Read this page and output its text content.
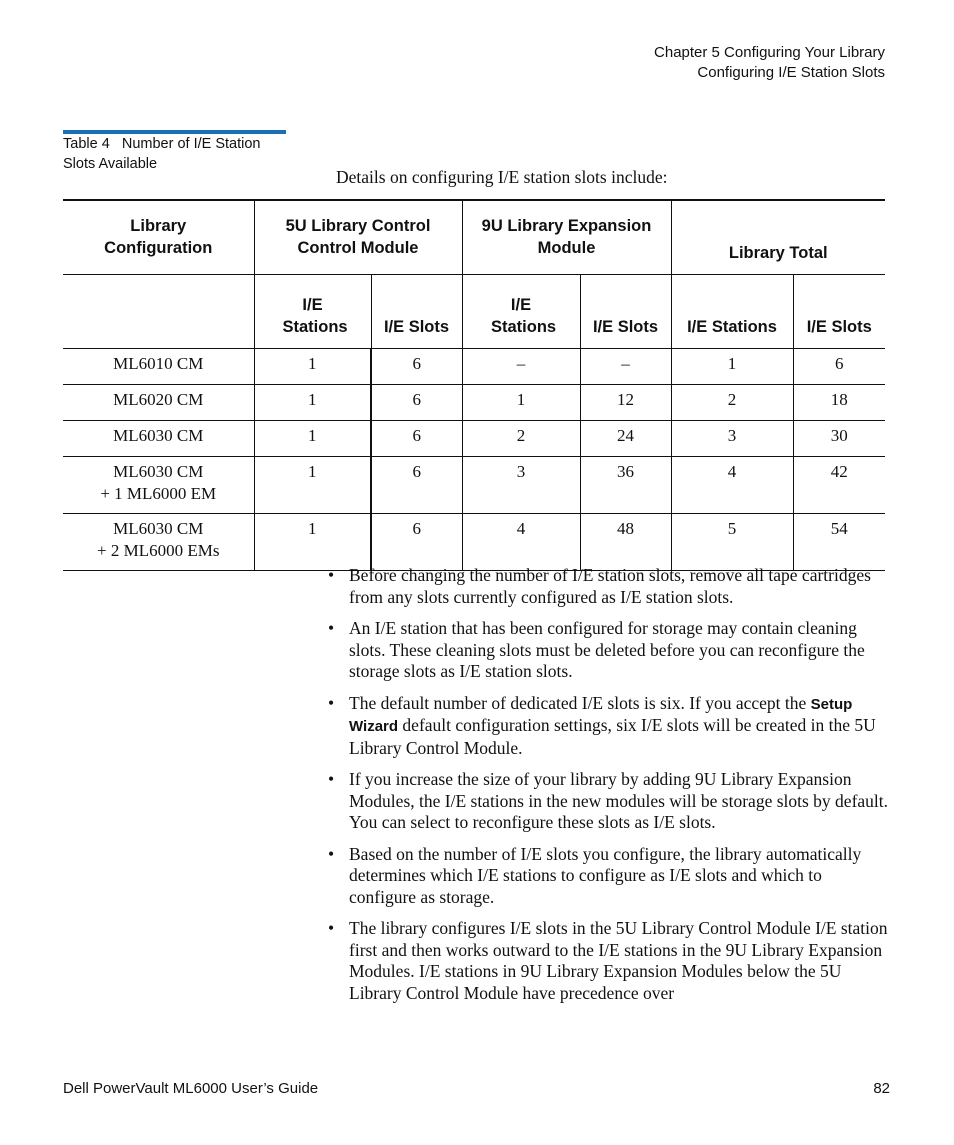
Chapter 5 Configuring Your Library
Configuring I/E Station Slots
Table 4 Number of I/E Station Slots Available
Details on configuring I/E station slots include:
Library Configuration	5U Library Control Control Module		9U Library Expansion Module		Library Total	

	I/E Stations	I/E Slots	I/E Stations	I/E Slots	I/E Stations	I/E Slots

ML6010 CM	1	6	–	–	1	6

ML6020 CM	1	6	1	12	2	18

ML6030 CM	1	6	2	24	3	30

ML6030 CM
+ 1 ML6000 EM	1	6	3	36	4	42

ML6030 CM
+ 2 ML6000 EMs	1	6	4	48	5	54
• Before changing the number of I/E station slots, remove all tape cartridges from any slots currently configured as I/E station slots.
• An I/E station that has been configured for storage may contain cleaning slots. These cleaning slots must be deleted before you can reconfigure the storage slots as I/E station slots.
• The default number of dedicated I/E slots is six. If you accept the Setup Wizard default configuration settings, six I/E slots will be created in the 5U Library Control Module.
• If you increase the size of your library by adding 9U Library Expansion Modules, the I/E stations in the new modules will be storage slots by default. You can select to reconfigure these slots as I/E slots.
• Based on the number of I/E slots you configure, the library automatically determines which I/E stations to configure as I/E slots and which to configure as storage.
• The library configures I/E slots in the 5U Library Control Module I/E station first and then works outward to the I/E stations in the 9U Library Expansion Modules. I/E stations in 9U Library Expansion Modules below the 5U Library Control Module have precedence over
Dell PowerVault ML6000 User’s Guide	82
